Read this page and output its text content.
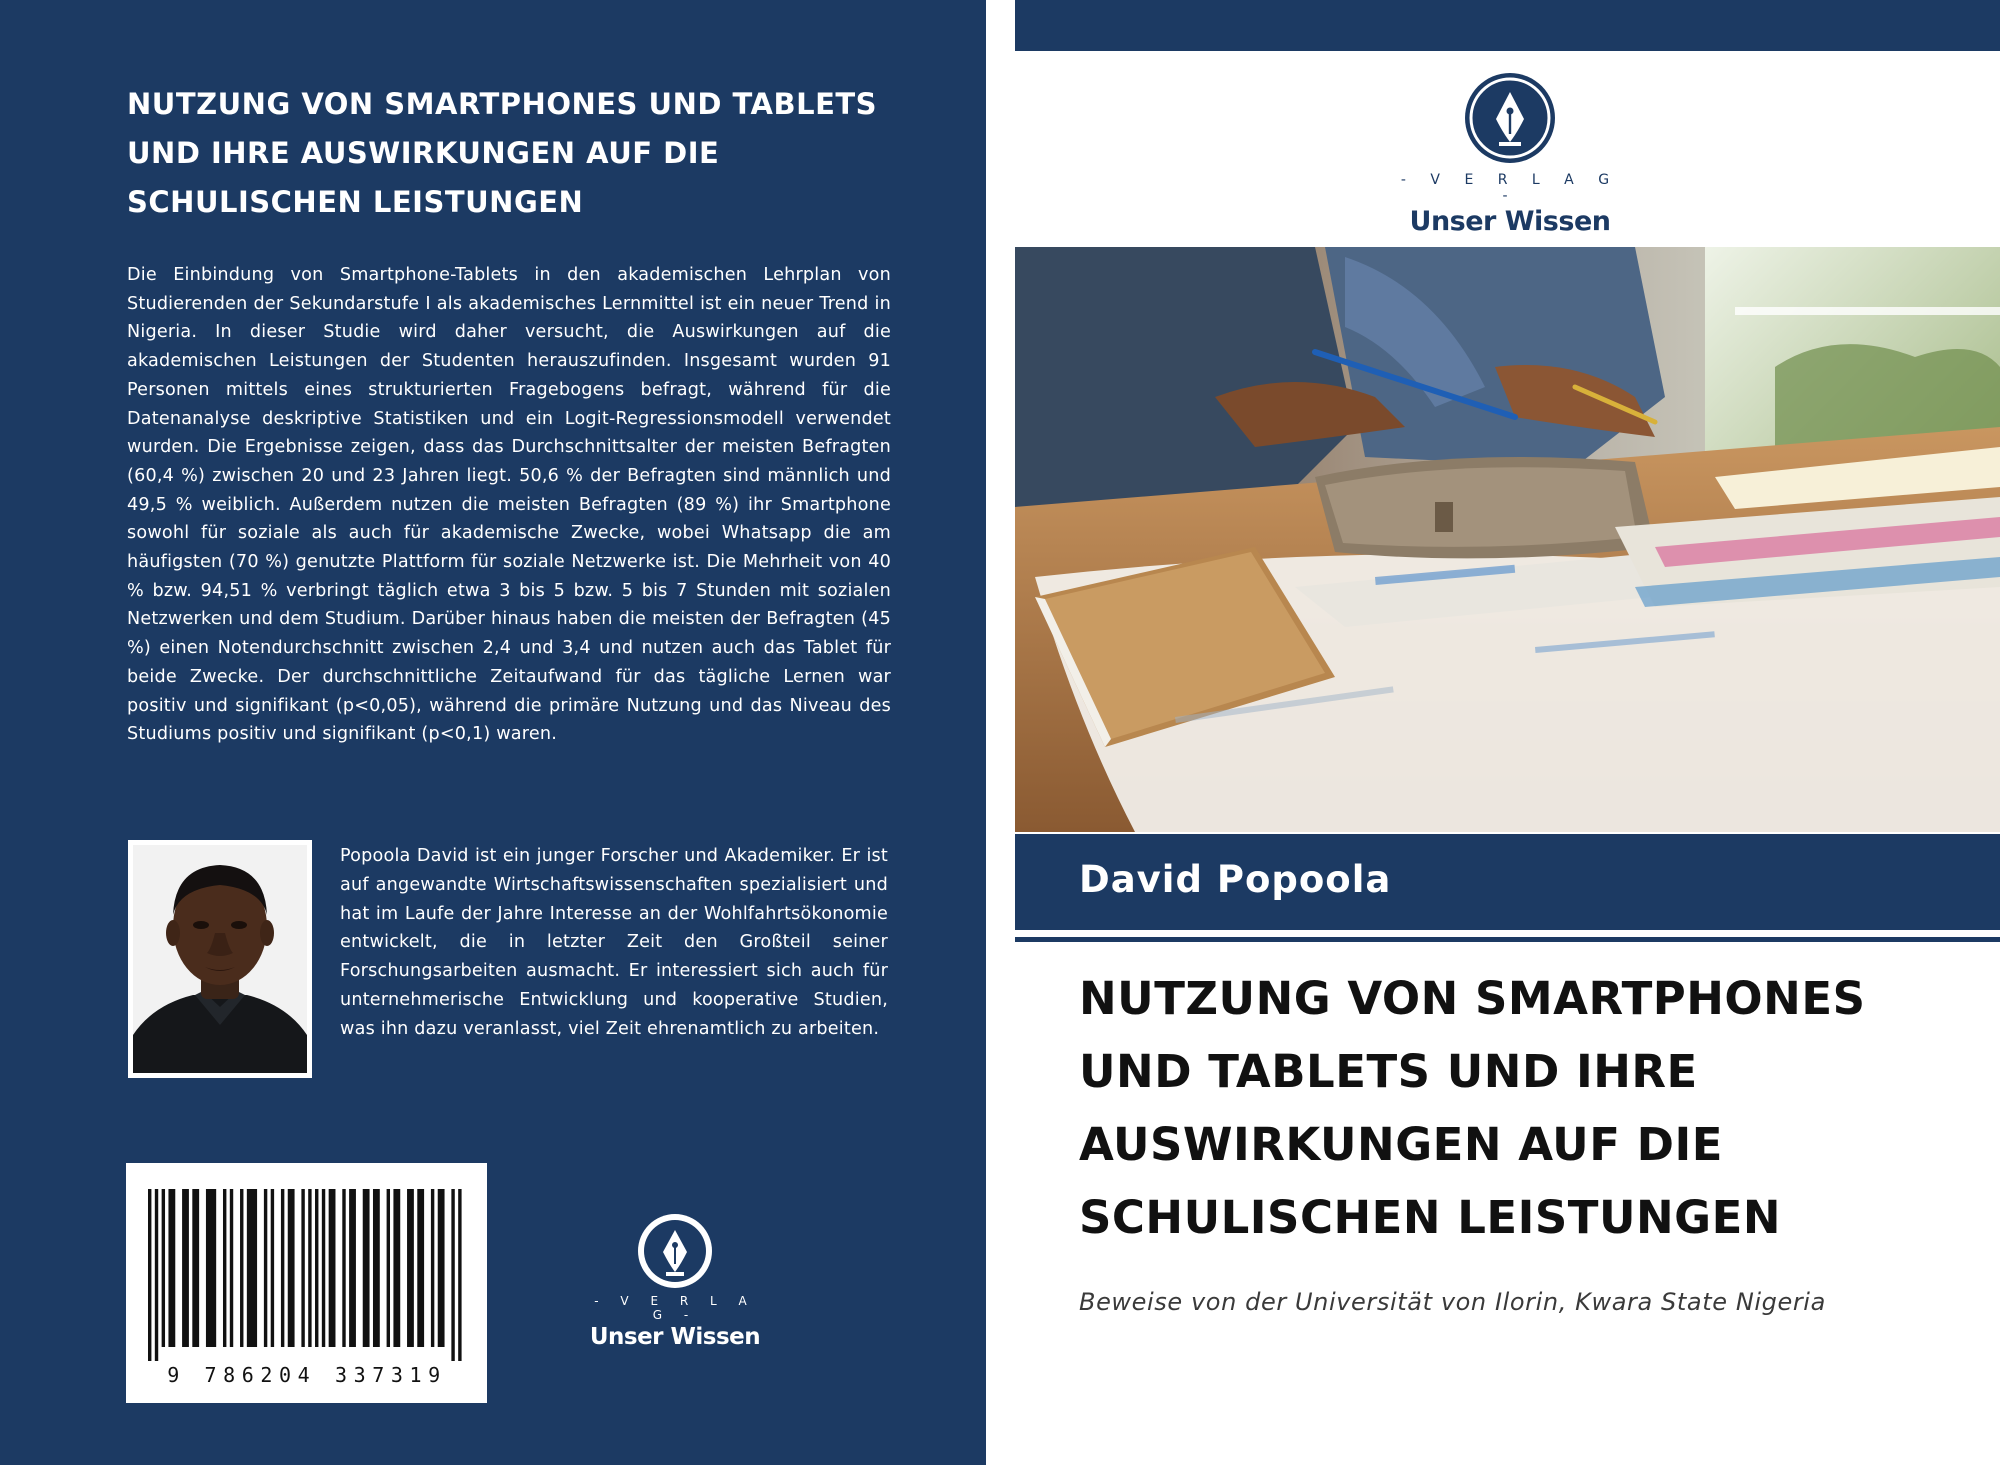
NUTZUNG VON SMARTPHONES UND TABLETS UND IHRE AUSWIRKUNGEN AUF DIE SCHULISCHEN LEISTUNGEN
Die Einbindung von Smartphone-Tablets in den akademischen Lehrplan von Studierenden der Sekundarstufe I als akademisches Lernmittel ist ein neuer Trend in Nigeria. In dieser Studie wird daher versucht, die Auswirkungen auf die akademischen Leistungen der Studenten herauszufinden. Insgesamt wurden 91 Personen mittels eines strukturierten Fragebogens befragt, während für die Datenanalyse deskriptive Statistiken und ein Logit-Regressionsmodell verwendet wurden. Die Ergebnisse zeigen, dass das Durchschnittsalter der meisten Befragten (60,4 %) zwischen 20 und 23 Jahren liegt. 50,6 % der Befragten sind männlich und 49,5 % weiblich. Außerdem nutzen die meisten Befragten (89 %) ihr Smartphone sowohl für soziale als auch für akademische Zwecke, wobei Whatsapp die am häufigsten (70 %) genutzte Plattform für soziale Netzwerke ist. Die Mehrheit von 40 % bzw. 94,51 % verbringt täglich etwa 3 bis 5 bzw. 5 bis 7 Stunden mit sozialen Netzwerken und dem Studium. Darüber hinaus haben die meisten der Befragten (45 %) einen Notendurchschnitt zwischen 2,4 und 3,4 und nutzen auch das Tablet für beide Zwecke. Der durchschnittliche Zeitaufwand für das tägliche Lernen war positiv und signifikant (p<0,05), während die primäre Nutzung und das Niveau des Studiums positiv und signifikant (p<0,1) waren.
Popoola David ist ein junger Forscher und Akademiker. Er ist auf angewandte Wirtschaftswissenschaften spezialisiert und hat im Laufe der Jahre Interesse an der Wohlfahrtsökonomie entwickelt, die in letzter Zeit den Großteil seiner Forschungsarbeiten ausmacht. Er interessiert sich auch für unternehmerische Entwicklung und kooperative Studien, was ihn dazu veranlasst, viel Zeit ehrenamtlich zu arbeiten.
9 786204 337319
- V E R L A G -
Unser Wissen
- V E R L A G -
Unser Wissen
David Popoola
NUTZUNG VON SMARTPHONES UND TABLETS UND IHRE AUSWIRKUNGEN AUF DIE SCHULISCHEN LEISTUNGEN
Beweise von der Universität von Ilorin, Kwara State Nigeria
